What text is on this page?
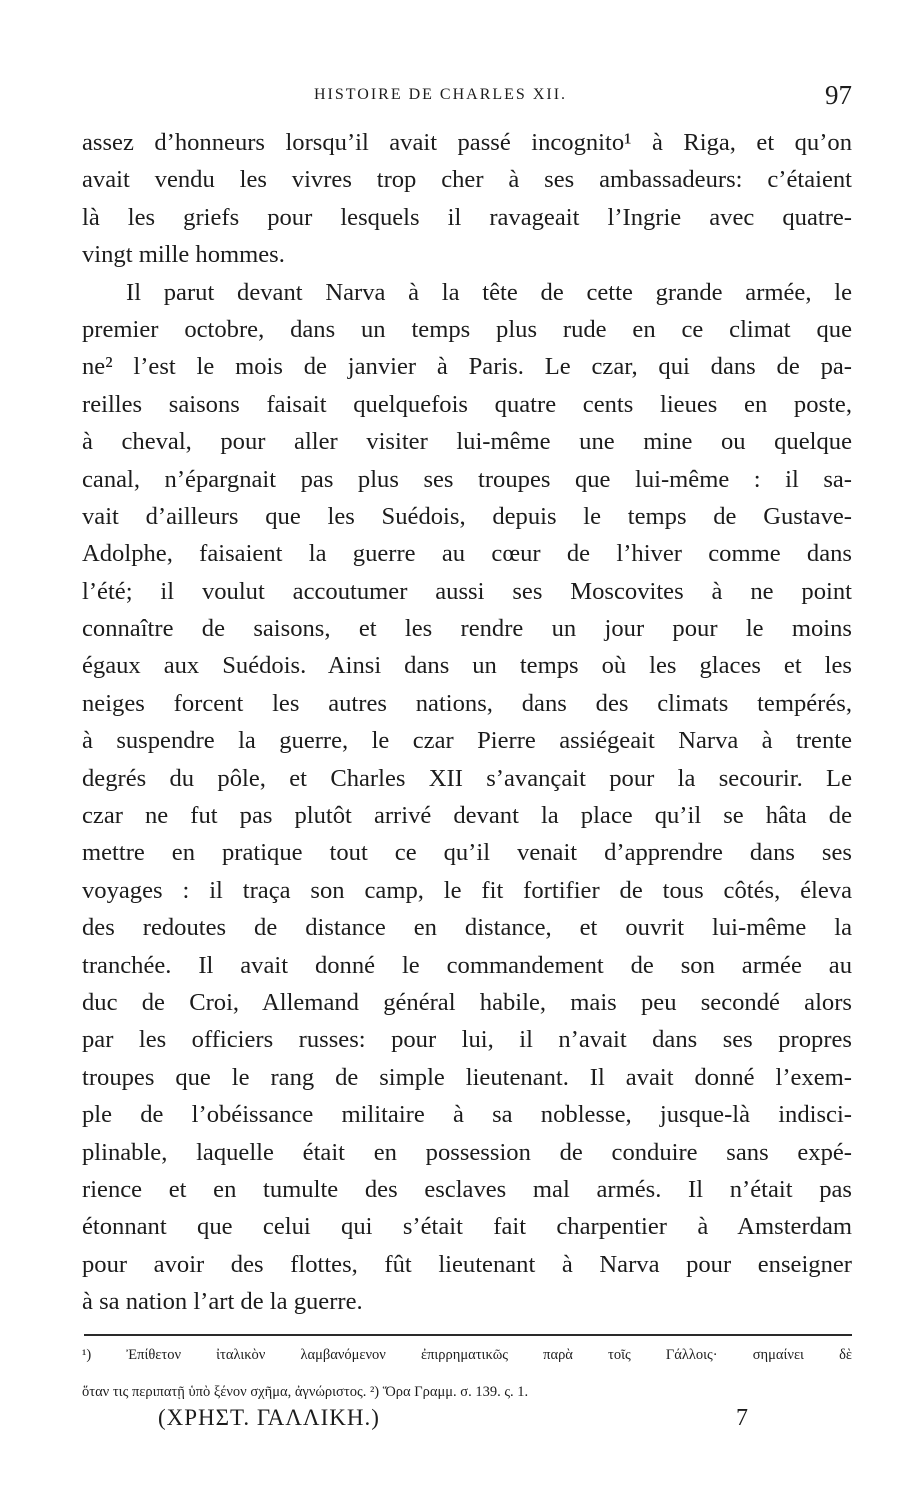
HISTOIRE DE CHARLES XII.	97
assez d’honneurs lorsqu’il avait passé incognito¹ à Riga, et qu’on
avait vendu les vivres trop cher à ses ambassadeurs: c’étaient
là les griefs pour lesquels il ravageait l’Ingrie avec quatre-
vingt mille hommes.
Il parut devant Narva à la tête de cette grande armée, le
premier octobre, dans un temps plus rude en ce climat que
ne² l’est le mois de janvier à Paris. Le czar, qui dans de pa-
reilles saisons faisait quelquefois quatre cents lieues en poste,
à cheval, pour aller visiter lui-même une mine ou quelque
canal, n’épargnait pas plus ses troupes que lui-même : il sa-
vait d’ailleurs que les Suédois, depuis le temps de Gustave-
Adolphe, faisaient la guerre au cœur de l’hiver comme dans
l’été; il voulut accoutumer aussi ses Moscovites à ne point
connaître de saisons, et les rendre un jour pour le moins
égaux aux Suédois. Ainsi dans un temps où les glaces et les
neiges forcent les autres nations, dans des climats tempérés,
à suspendre la guerre, le czar Pierre assiégeait Narva à trente
degrés du pôle, et Charles XII s’avançait pour la secourir. Le
czar ne fut pas plutôt arrivé devant la place qu’il se hâta de
mettre en pratique tout ce qu’il venait d’apprendre dans ses
voyages : il traça son camp, le fit fortifier de tous côtés, éleva
des redoutes de distance en distance, et ouvrit lui-même la
tranchée. Il avait donné le commandement de son armée au
duc de Croi, Allemand général habile, mais peu secondé alors
par les officiers russes: pour lui, il n’avait dans ses propres
troupes que le rang de simple lieutenant. Il avait donné l’exem-
ple de l’obéissance militaire à sa noblesse, jusque-là indisci-
plinable, laquelle était en possession de conduire sans expé-
rience et en tumulte des esclaves mal armés. Il n’était pas
étonnant que celui qui s’était fait charpentier à Amsterdam
pour avoir des flottes, fût lieutenant à Narva pour enseigner
à sa nation l’art de la guerre.
¹) Ἐπίθετον ἰταλικὸν λαμβανόμενον ἐπιρρηματικῶς παρὰ τοῖς Γάλλοις· σημαίνει δὲ
ὅταν τις περιπατῇ ὑπὸ ξένον σχῆμα, ἀγνώριστος. ²) Ὅρα Γραμμ. σ. 139. ς. 1.
(ΧΡΗΣΤ. ΓΑΛΛΙΚΗ.)	7
